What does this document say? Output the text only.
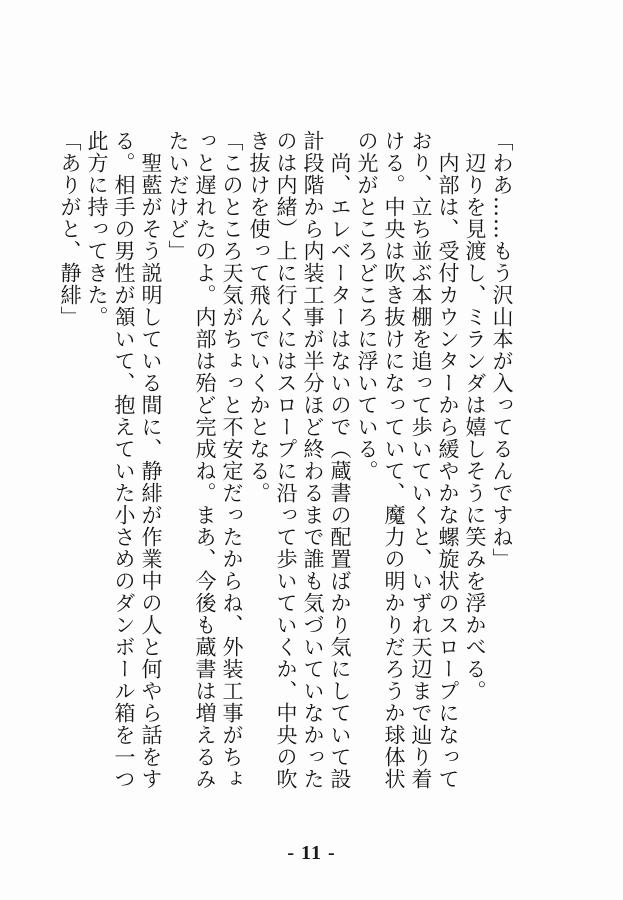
「わあ……もう沢山本が入ってるんですね」
　辺りを見渡し、ミランダは嬉しそうに笑みを浮かべる。
　内部は、受付カウンターから緩やかな螺旋状のスロープになって
おり、立ち並ぶ本棚を追って歩いていくと、いずれ天辺まで辿り着
ける。中央は吹き抜けになっていて、魔力の明かりだろうか球体状
の光がところどころに浮いている。
　尚、エレベーターはないので（蔵書の配置ばかり気にしていて設
計段階から内装工事が半分ほど終わるまで誰も気づいていなかった
のは内緒）上に行くにはスロープに沿って歩いていくか、中央の吹
き抜けを使って飛んでいくかとなる。
「このところ天気がちょっと不安定だったからね、外装工事がちょ
っと遅れたのよ。内部は殆ど完成ね。まあ、今後も蔵書は増えるみ
たいだけど」
　聖藍がそう説明している間に、静緋が作業中の人と何やら話をす
る。相手の男性が頷いて、抱えていた小さめのダンボール箱を一つ
此方に持ってきた。
「ありがと、静緋」
- 11 -
